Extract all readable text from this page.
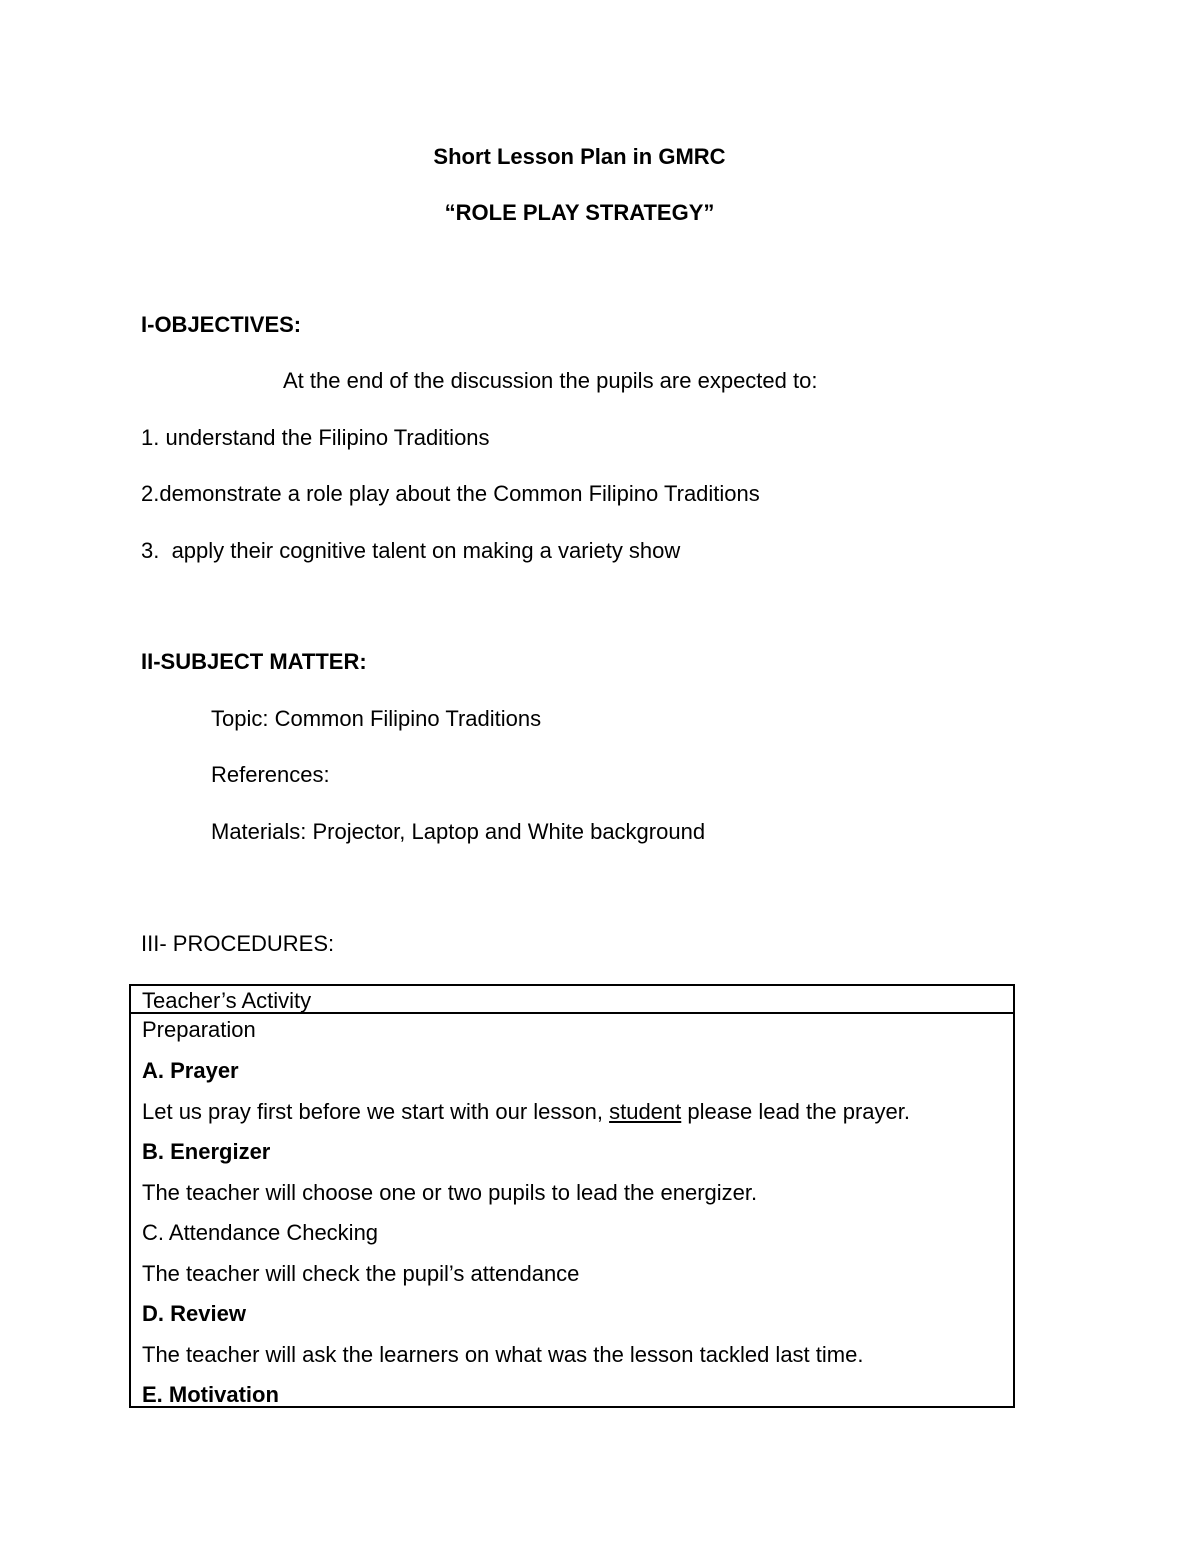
Short Lesson Plan in GMRC
“ROLE PLAY STRATEGY”
I-OBJECTIVES:
At the end of the discussion the pupils are expected to:
1. understand the Filipino Traditions
2.demonstrate a role play about the Common Filipino Traditions
3.  apply their cognitive talent on making a variety show
II-SUBJECT MATTER:
Topic: Common Filipino Traditions
References:
Materials: Projector, Laptop and White background
III- PROCEDURES:
Teacher’s Activity
Preparation
A. Prayer
Let us pray first before we start with our lesson, student please lead the prayer.
B. Energizer
The teacher will choose one or two pupils to lead the energizer.
C. Attendance Checking
The teacher will check the pupil’s attendance
D. Review
The teacher will ask the learners on what was the lesson tackled last time.
E. Motivation
